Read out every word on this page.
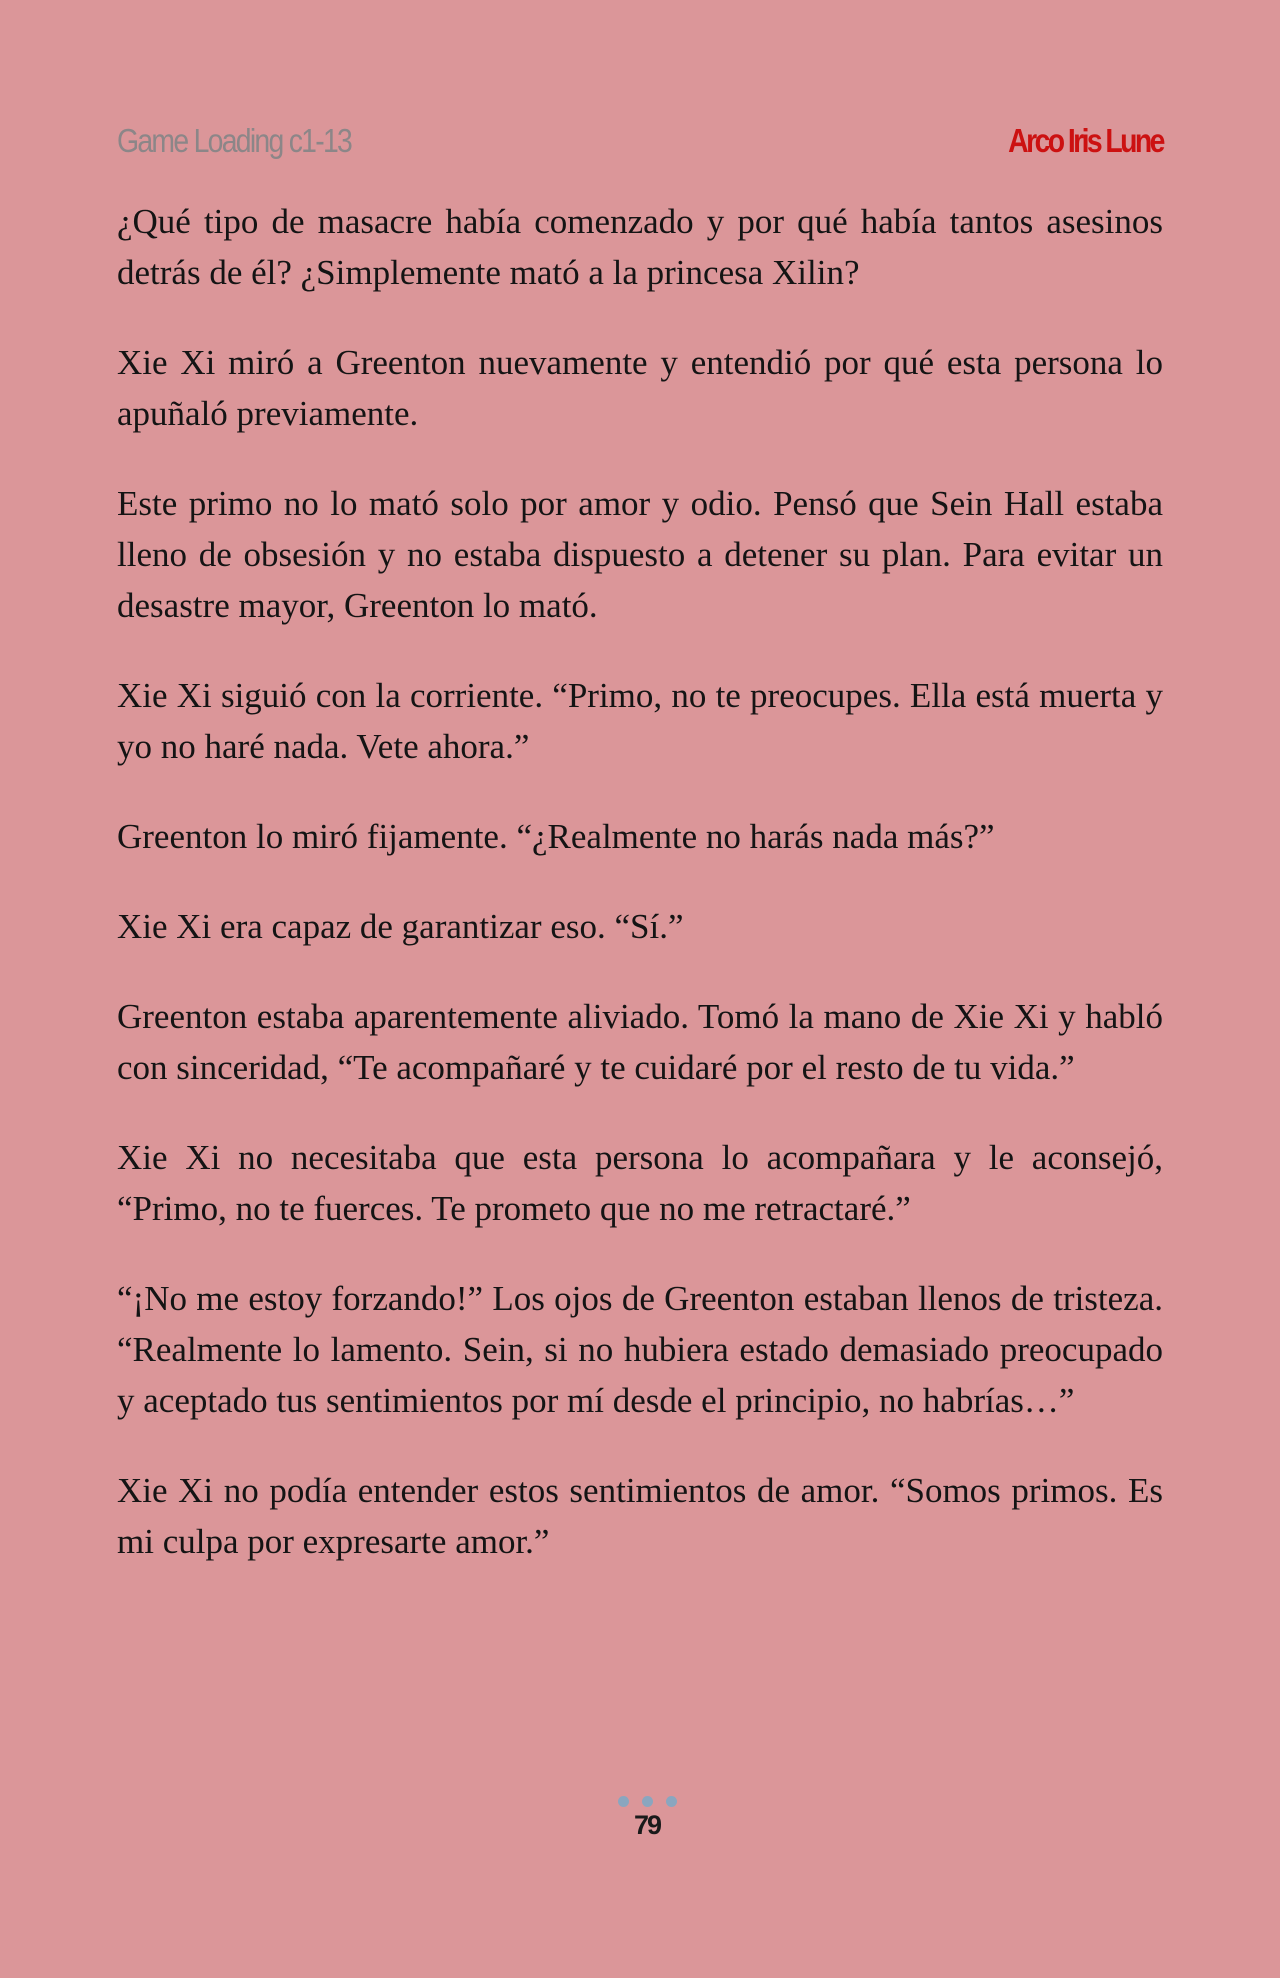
Game Loading c1-13	Arco Iris Lune

¿Qué tipo de masacre había comenzado y por qué había tantos asesinos detrás de él? ¿Simplemente mató a la princesa Xilin?

Xie Xi miró a Greenton nuevamente y entendió por qué esta persona lo apuñaló previamente.

Este primo no lo mató solo por amor y odio. Pensó que Sein Hall estaba lleno de obsesión y no estaba dispuesto a detener su plan. Para evitar un desastre mayor, Greenton lo mató.

Xie Xi siguió con la corriente. “Primo, no te preocupes. Ella está muerta y yo no haré nada. Vete ahora.”

Greenton lo miró fijamente. “¿Realmente no harás nada más?”

Xie Xi era capaz de garantizar eso. “Sí.”

Greenton estaba aparentemente aliviado. Tomó la mano de Xie Xi y habló con sinceridad, “Te acompañaré y te cuidaré por el resto de tu vida.”

Xie Xi no necesitaba que esta persona lo acompañara y le aconsejó, “Primo, no te fuerces. Te prometo que no me retractaré.”

“¡No me estoy forzando!” Los ojos de Greenton estaban llenos de tristeza. “Realmente lo lamento. Sein, si no hubiera estado demasiado preocupado y aceptado tus sentimientos por mí desde el principio, no habrías…”

Xie Xi no podía entender estos sentimientos de amor. “Somos primos. Es mi culpa por expresarte amor.”

79
